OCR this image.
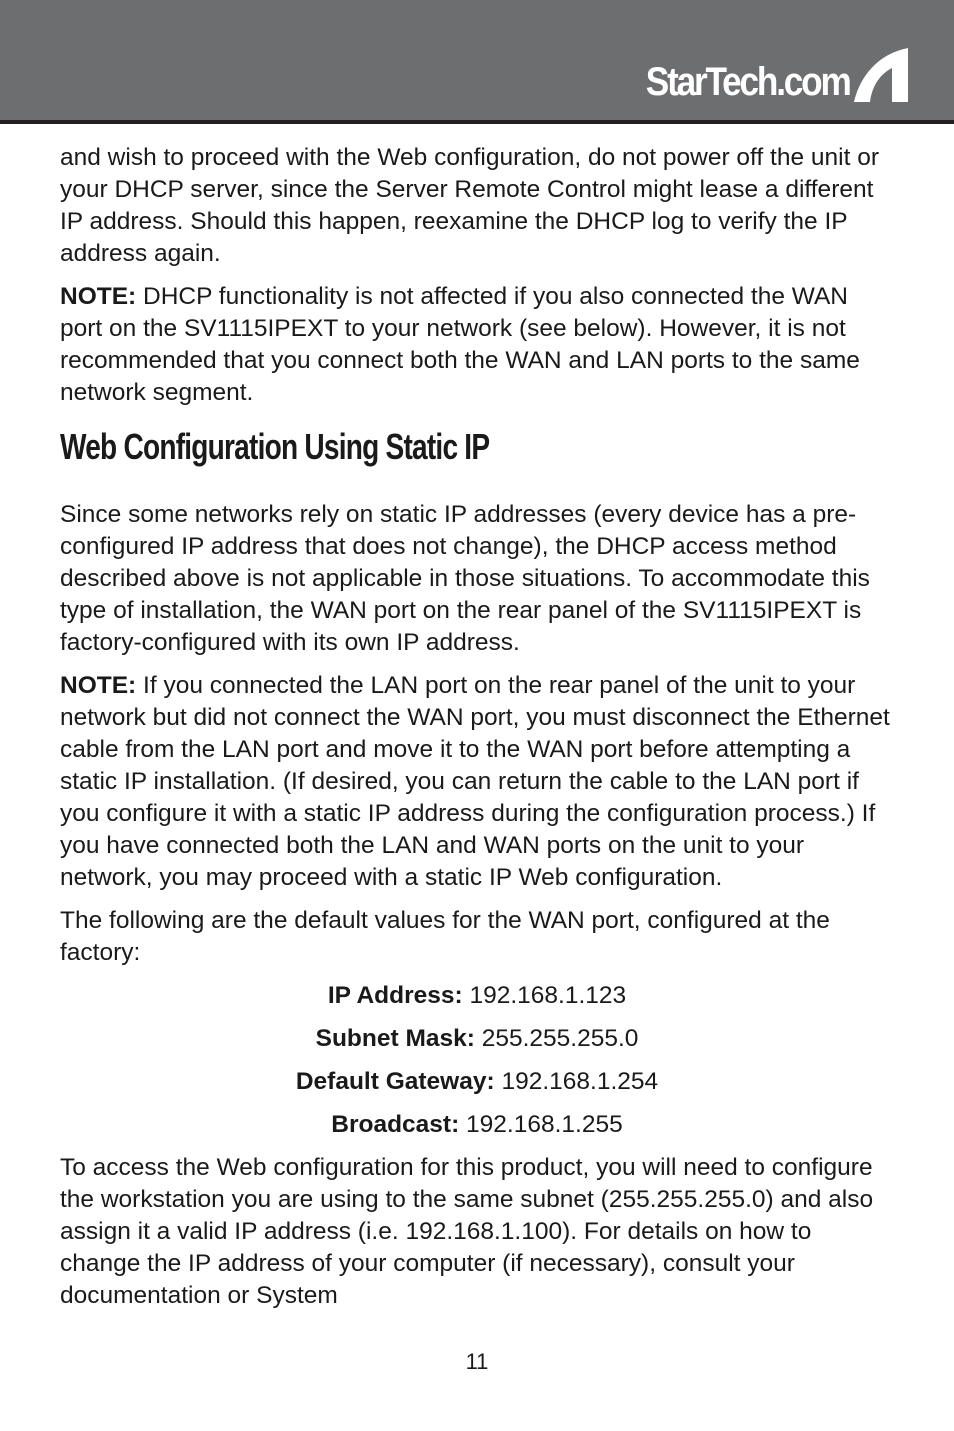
StarTech.com

and wish to proceed with the Web configuration, do not power off the unit or your DHCP server, since the Server Remote Control might lease a different IP address. Should this happen, reexamine the DHCP log to verify the IP address again.

NOTE: DHCP functionality is not affected if you also connected the WAN port on the SV1115IPEXT to your network (see below). However, it is not recommended that you connect both the WAN and LAN ports to the same network segment.

Web Configuration Using Static IP

Since some networks rely on static IP addresses (every device has a pre-configured IP address that does not change), the DHCP access method described above is not applicable in those situations. To accommodate this type of installation, the WAN port on the rear panel of the SV1115IPEXT is factory-configured with its own IP address.

NOTE: If you connected the LAN port on the rear panel of the unit to your network but did not connect the WAN port, you must disconnect the Ethernet cable from the LAN port and move it to the WAN port before attempting a static IP installation. (If desired, you can return the cable to the LAN port if you configure it with a static IP address during the configuration process.) If you have connected both the LAN and WAN ports on the unit to your network, you may proceed with a static IP Web configuration.

The following are the default values for the WAN port, configured at the factory:

IP Address: 192.168.1.123
Subnet Mask: 255.255.255.0
Default Gateway: 192.168.1.254
Broadcast: 192.168.1.255

To access the Web configuration for this product, you will need to configure the workstation you are using to the same subnet (255.255.255.0) and also assign it a valid IP address (i.e. 192.168.1.100). For details on how to change the IP address of your computer (if necessary), consult your documentation or System

11
